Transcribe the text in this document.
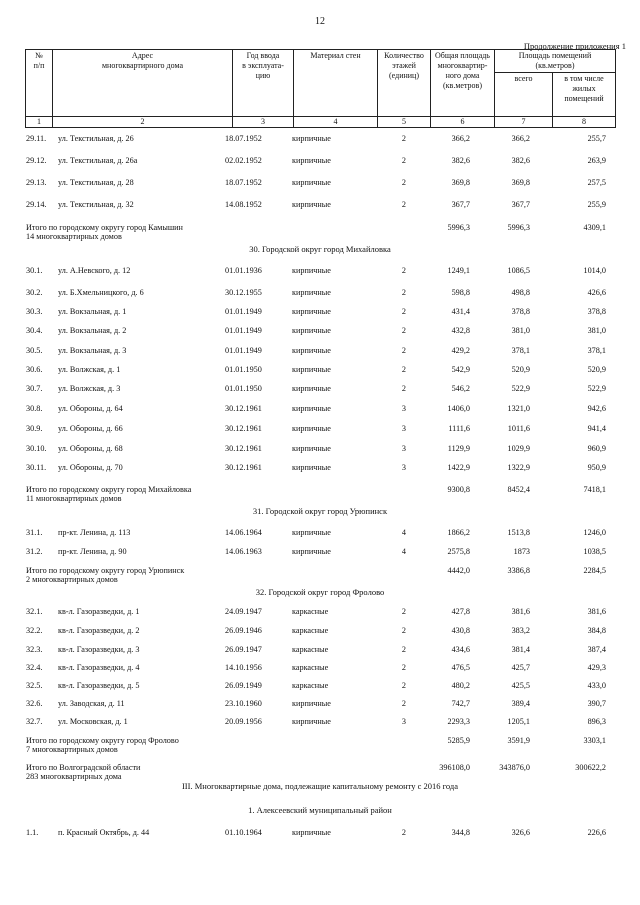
12
Продолжение приложения 1
№
п/п	Адрес
многоквартирного дома	Год ввода
в эксплуата-
цию	Материал стен	Количество
этажей
(единиц)	Общая площадь
многоквартир-
ного дома
(кв.метров)	Площадь помещений
(кв.метров)	
						всего	в том числе
жилых
помещений
1	2	3	4	5	6	7	8
29.11. ул. Текстильная, д. 26	18.07.1952	кирпичные	2	366,2	366,2	255,7
29.12. ул. Текстильная, д. 26а	02.02.1952	кирпичные	2	382,6	382,6	263,9
29.13. ул. Текстильная, д. 28	18.07.1952	кирпичные	2	369,8	369,8	257,5
29.14. ул. Текстильная, д. 32	14.08.1952	кирпичные	2	367,7	367,7	255,9
Итого по городскому округу город Камышин	5996,3	5996,3	4309,1
14 многоквартирных домов
30. Городской округ город Михайловка
30.1. ул. А.Невского, д. 12	01.01.1936	кирпичные	2	1249,1	1086,5	1014,0
30.2. ул. Б.Хмельницкого, д. 6	30.12.1955	кирпичные	2	598,8	498,8	426,6
30.3. ул. Вокзальная, д. 1	01.01.1949	кирпичные	2	431,4	378,8	378,8
30.4. ул. Вокзальная, д. 2	01.01.1949	кирпичные	2	432,8	381,0	381,0
30.5. ул. Вокзальная, д. 3	01.01.1949	кирпичные	2	429,2	378,1	378,1
30.6. ул. Волжская, д. 1	01.01.1950	кирпичные	2	542,9	520,9	520,9
30.7. ул. Волжская, д. 3	01.01.1950	кирпичные	2	546,2	522,9	522,9
30.8. ул. Обороны, д. 64	30.12.1961	кирпичные	3	1406,0	1321,0	942,6
30.9. ул. Обороны, д. 66	30.12.1961	кирпичные	3	1111,6	1011,6	941,4
30.10. ул. Обороны, д. 68	30.12.1961	кирпичные	3	1129,9	1029,9	960,9
30.11. ул. Обороны, д. 70	30.12.1961	кирпичные	3	1422,9	1322,9	950,9
Итого по городскому округу город Михайловка	9300,8	8452,4	7418,1
11 многоквартирных домов
31. Городской округ город Урюпинск
31.1. пр-кт. Ленина, д. 113	14.06.1964	кирпичные	4	1866,2	1513,8	1246,0
31.2. пр-кт. Ленина, д. 90	14.06.1963	кирпичные	4	2575,8	1873	1038,5
Итого по городскому округу город Урюпинск	4442,0	3386,8	2284,5
2 многоквартирных домов
32. Городской округ город Фролово
32.1. кв-л. Газоразведки, д. 1	24.09.1947	каркасные	2	427,8	381,6	381,6
32.2. кв-л. Газоразведки, д. 2	26.09.1946	каркасные	2	430,8	383,2	384,8
32.3. кв-л. Газоразведки, д. 3	26.09.1947	каркасные	2	434,6	381,4	387,4
32.4. кв-л. Газоразведки, д. 4	14.10.1956	каркасные	2	476,5	425,7	429,3
32.5. кв-л. Газоразведки, д. 5	26.09.1949	каркасные	2	480,2	425,5	433,0
32.6. ул. Заводская, д. 11	23.10.1960	кирпичные	2	742,7	389,4	390,7
32.7. ул. Московская, д. 1	20.09.1956	кирпичные	3	2293,3	1205,1	896,3
Итого по городскому округу город Фролово	5285,9	3591,9	3303,1
7 многоквартирных домов
Итого по Волгоградской области	396108,0	343876,0	300622,2
283 многоквартирных дома
III. Многоквартирные дома, подлежащие капитальному ремонту с 2016 года
1. Алексеевский муниципальный район
1.1. п. Красный Октябрь, д. 44	01.10.1964	кирпичные	2	344,8	326,6	226,6
